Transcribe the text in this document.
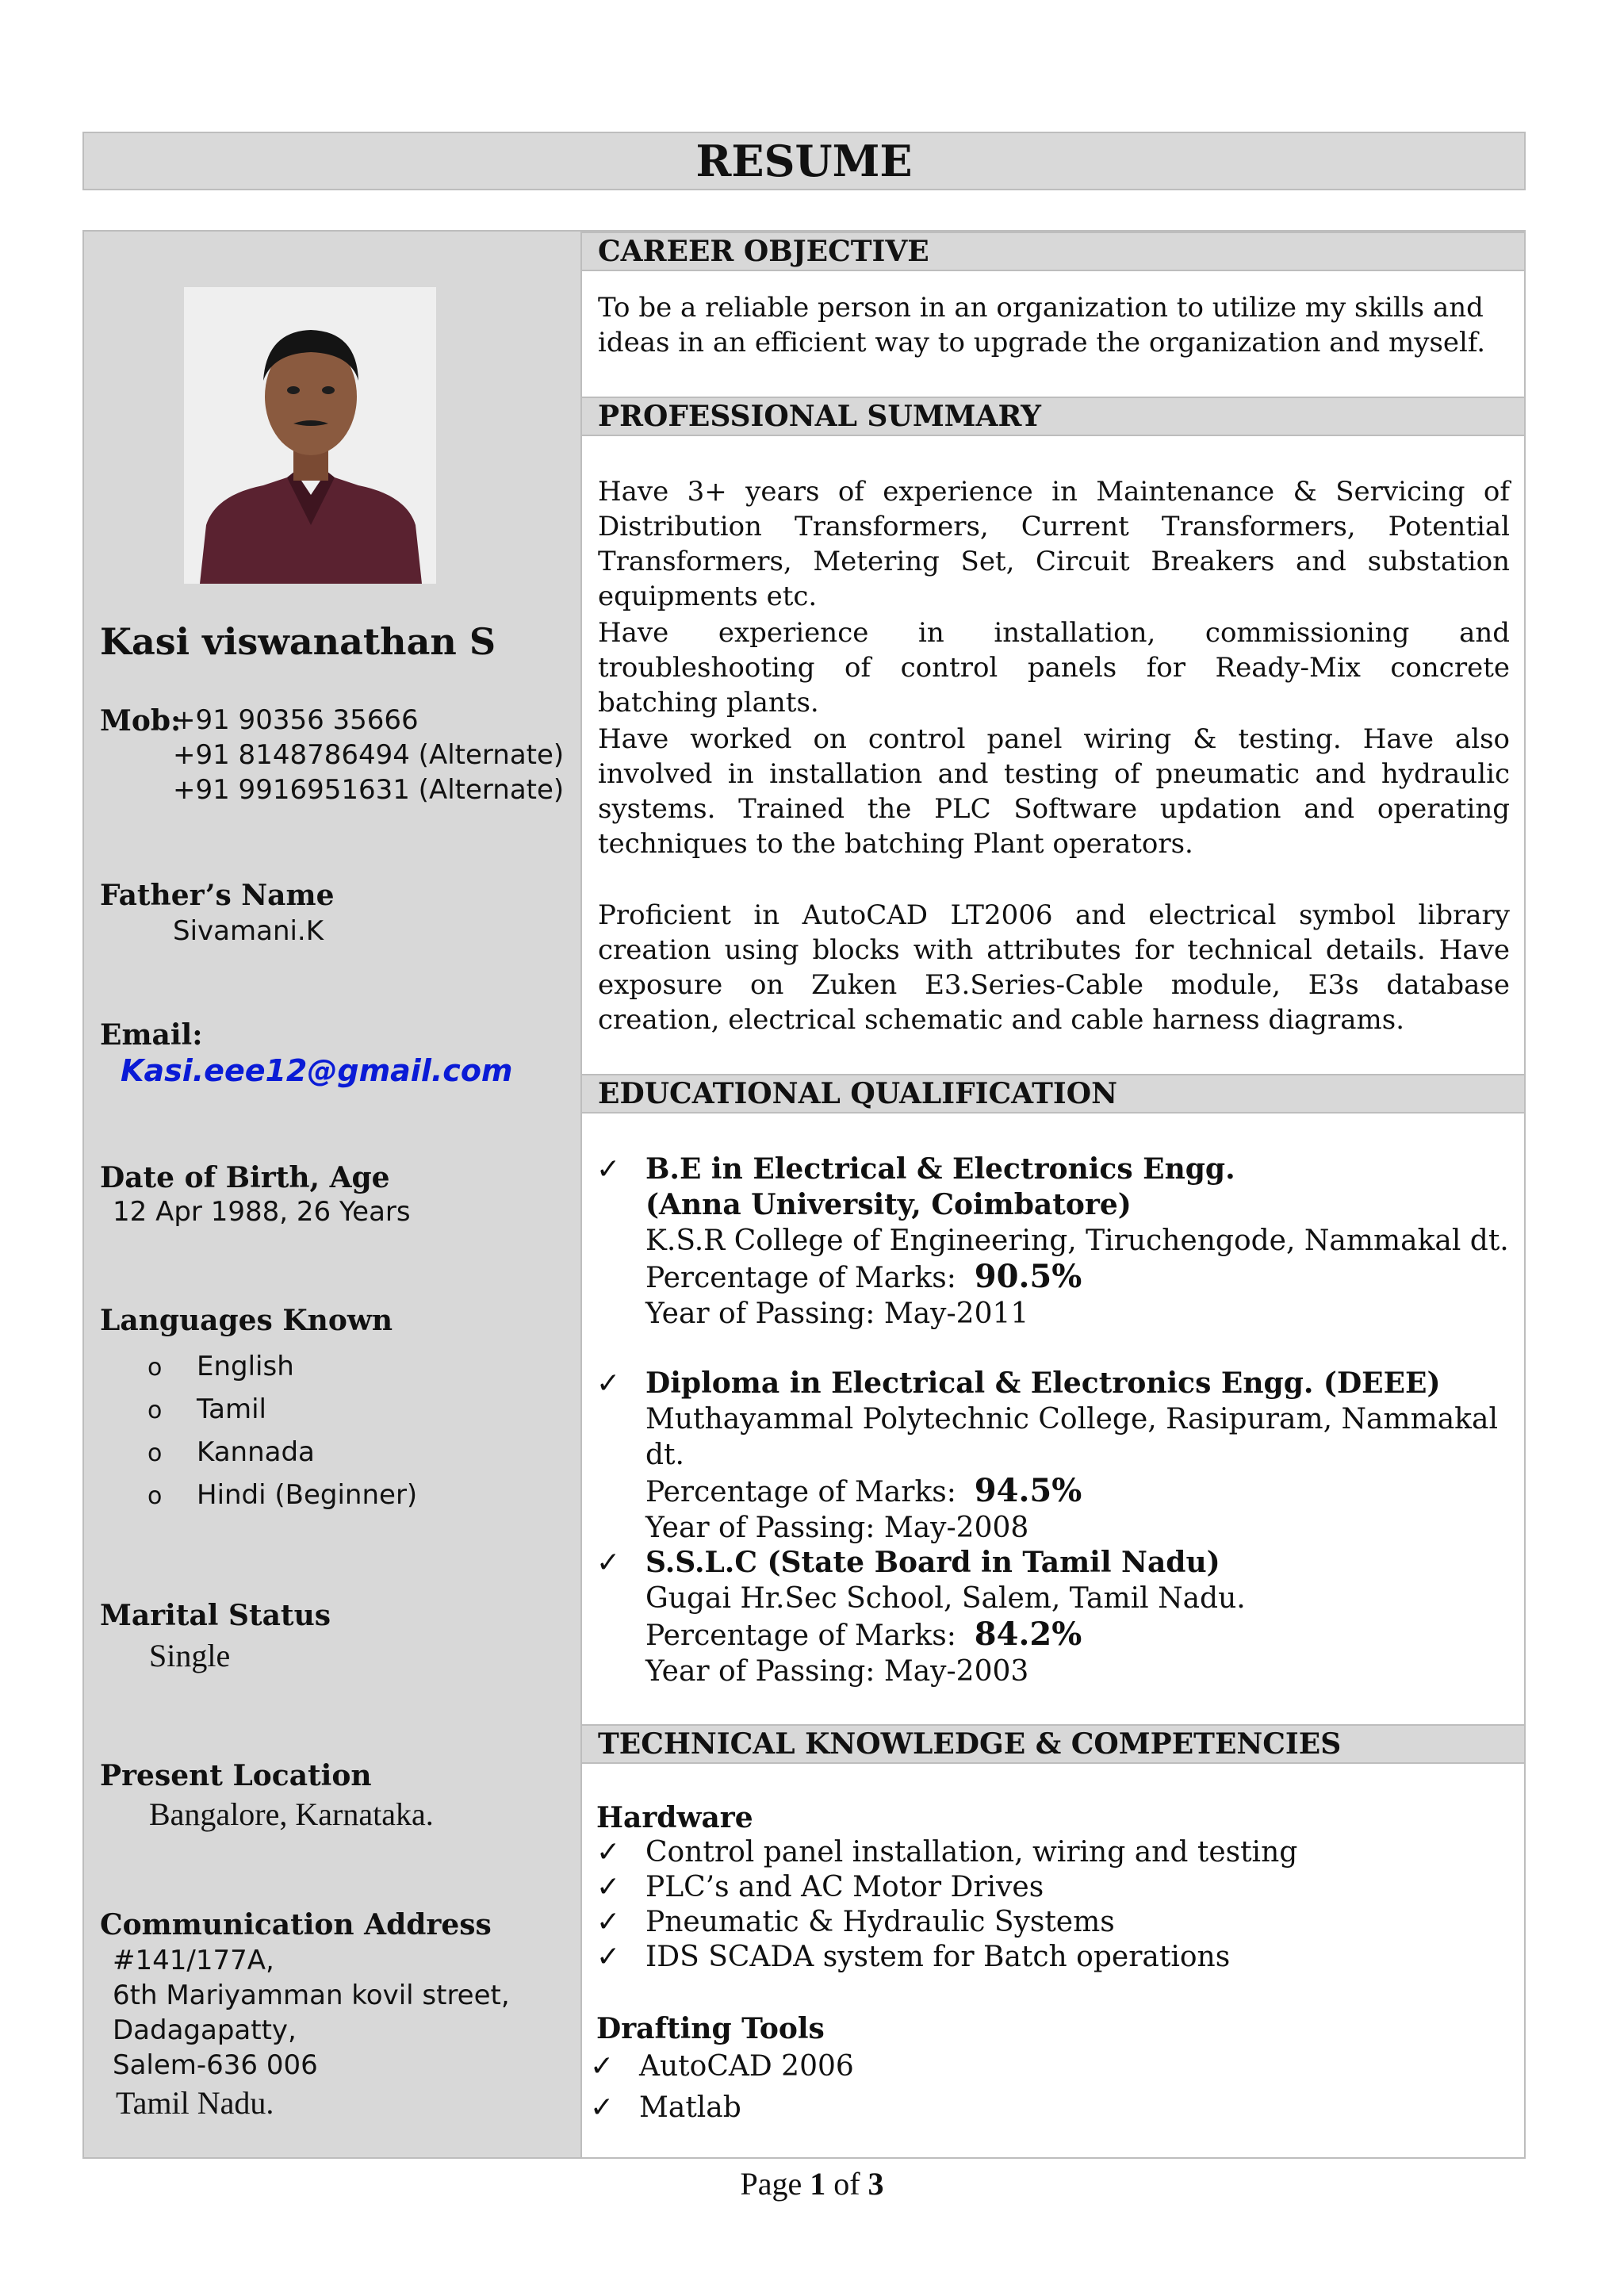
RESUME
Kasi viswanathan S
Mob:
+91 90356 35666
+91 8148786494 (Alternate)
+91 9916951631 (Alternate)
Father’s Name
Sivamani.K
Email:
Kasi.eee12@gmail.com
Date of Birth, Age
12 Apr 1988, 26 Years
Languages Known
o English
o Tamil
o Kannada
o Hindi (Beginner)
Marital Status
Single
Present Location
Bangalore, Karnataka.
Communication Address
#141/177A,
6th Mariyamman kovil street,
Dadagapatty,
Salem-636 006
Tamil Nadu.
CAREER OBJECTIVE

To be a reliable person in an organization to utilize my skills and ideas in an efficient way to upgrade the organization and myself.

PROFESSIONAL SUMMARY

Have 3+ years of experience in Maintenance & Servicing of Distribution Transformers, Current Transformers, Potential Transformers, Metering Set, Circuit Breakers and substation equipments etc.

Have experience in installation, commissioning and troubleshooting of control panels for Ready-Mix concrete batching plants.

Have worked on control panel wiring & testing. Have also involved in installation and testing of pneumatic and hydraulic systems. Trained the PLC Software updation and operating techniques to the batching Plant operators.

Proficient in AutoCAD LT2006 and electrical symbol library creation using blocks with attributes for technical details. Have exposure on Zuken E3.Series-Cable module, E3s database creation, electrical schematic and cable harness diagrams.

EDUCATIONAL QUALIFICATION
✓ B.E in Electrical & Electronics Engg.
(Anna University, Coimbatore)
K.S.R College of Engineering, Tiruchengode, Nammakal dt.
Percentage of Marks: 90.5%
Year of Passing: May-2011
✓ Diploma in Electrical & Electronics Engg. (DEEE)
Muthayammal Polytechnic College, Rasipuram, Nammakal dt.
Percentage of Marks: 94.5%
Year of Passing: May-2008
✓ S.S.L.C (State Board in Tamil Nadu)
Gugai Hr.Sec School, Salem, Tamil Nadu.
Percentage of Marks: 84.2%
Year of Passing: May-2003
TECHNICAL KNOWLEDGE & COMPETENCIES
Hardware
✓ Control panel installation, wiring and testing
✓ PLC’s and AC Motor Drives
✓ Pneumatic & Hydraulic Systems
✓ IDS SCADA system for Batch operations
Drafting Tools
✓ AutoCAD 2006
✓ Matlab
Page 1 of 3
